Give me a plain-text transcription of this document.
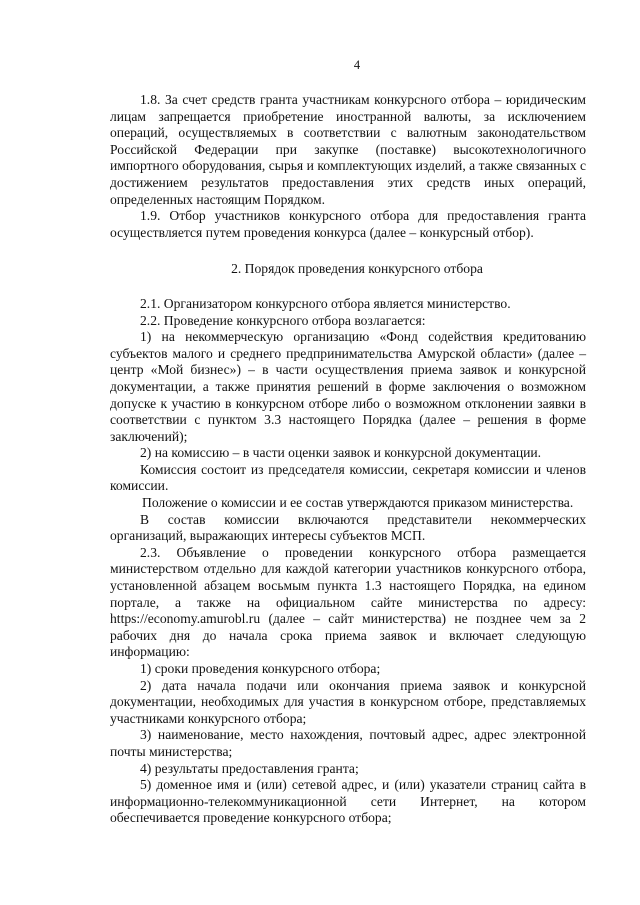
4

1.8. За счет средств гранта участникам конкурсного отбора – юридическим лицам запрещается приобретение иностранной валюты, за исключением операций, осуществляемых в соответствии с валютным законодательством Российской Федерации при закупке (поставке) высокотехнологичного импортного оборудования, сырья и комплектующих изделий, а также связанных с достижением результатов предоставления этих средств иных операций, определенных настоящим Порядком.

1.9. Отбор участников конкурсного отбора для предоставления гранта осуществляется путем проведения конкурса (далее – конкурсный отбор).

2. Порядок проведения конкурсного отбора

2.1. Организатором конкурсного отбора является министерство.

2.2. Проведение конкурсного отбора возлагается:

1) на некоммерческую организацию «Фонд содействия кредитованию субъектов малого и среднего предпринимательства Амурской области» (далее – центр «Мой бизнес») – в части осуществления приема заявок и конкурсной документации, а также принятия решений в форме заключения о возможном допуске к участию в конкурсном отборе либо о возможном отклонении заявки в соответствии с пунктом 3.3 настоящего Порядка (далее – решения в форме заключений);

2) на комиссию – в части оценки заявок и конкурсной документации.

Комиссия состоит из председателя комиссии, секретаря комиссии и членов комиссии.

Положение о комиссии и ее состав утверждаются приказом министерства.

В состав комиссии включаются представители некоммерческих организаций, выражающих интересы субъектов МСП.

2.3. Объявление о проведении конкурсного отбора размещается министерством отдельно для каждой категории участников конкурсного отбора, установленной абзацем восьмым пункта 1.3 настоящего Порядка, на едином портале, а также на официальном сайте министерства по адресу: https://economy.amurobl.ru (далее – сайт министерства) не позднее чем за 2 рабочих дня до начала срока приема заявок и включает следующую информацию:

1) сроки проведения конкурсного отбора;

2) дата начала подачи или окончания приема заявок и конкурсной документации, необходимых для участия в конкурсном отборе, представляемых участниками конкурсного отбора;

3) наименование, место нахождения, почтовый адрес, адрес электронной почты министерства;

4) результаты предоставления гранта;

5) доменное имя и (или) сетевой адрес, и (или) указатели страниц сайта в информационно-телекоммуникационной сети Интернет, на котором обеспечивается проведение конкурсного отбора;
